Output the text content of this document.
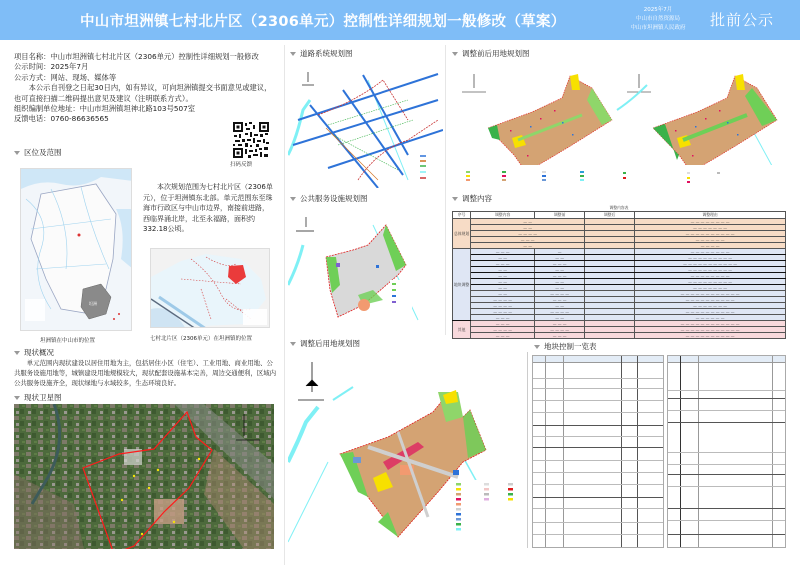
中山市坦洲镇七村北片区（2306单元）控制性详细规划一般修改（草案）
2025年7月
中山市自然资源局
中山市坦洲镇人民政府	批前公示
项目名称： 中山市坦洲镇七村北片区（2306单元）控制性详细规划一般修改
公示时间： 2025年7月
公示方式： 网站、现场、媒体等
本公示自刊登之日起30日内，如有异议，可向坦洲镇提交书面意见或建议，也可直接扫描二维码提出意见及建议（注明联系方式）。
组织编制单位地址： 中山市坦洲镇坦神北路103号507室
反馈电话： 0760-86636565
扫码反馈
区位及范围
坦洲
坦洲镇在中山市的位置
本次规划范围为七村北片区（2306单元），位于坦洲镇东北部。单元范围东至珠海市行政区与中山市边界，南接前进路，西临界涌北岸，北至永福路，面积约332.18公顷。
七村北片区（2306单元）在坦洲镇的位置
现状概况
单元范围内现状建设以居住用地为主，包括居住小区（住宅）、工业用地、商业用地、公共服务设施用地等，城镇建设用地规模较大，现状配套设施基本完善，周边交通便利，区域内公共服务设施齐全，现状绿地与水域较多，生态环境良好。
现状卫星图
道路系统规划图
公共服务设施规划图
调整后用地规划图
调整前后用地规划图
调整内容
调整内容表				
序号	调整内容	调整前	调整后	调整理由
总体规划	— —			— — — — — — — —
	— —			— — — — — — —
	— — — —			— — — — — — — — — —
	— — —			— — — — — —
	— —			— — — —
地块调整	— — —	—		— — — — — — — —
	— —	— —		— — — — — — — — —
	— — —	— — —		— — — — — — — — — — —
	— —	— —		— — — — — — — — —
	— —	— — —		— — — — — — — —
	— —	— —		— — — — — — — — —
	— —	— —		— — — — — — —
	— —	— — — —		— — — — — — — — — — — —
	— — — —	— — —		— — — — — — — — — —
	— — — —	— —		— — — — — — —
	— — — —	— — — —		— — — — — — — — — —
	— — —	— —		— — — — — —
其他	— — —	— — —		— — — — — — — — — — — —
	— — — —	— — — —		— — — — — — — — — — — —
	— — —	— — —		— — — — — — — — — —
地块控制一览表
